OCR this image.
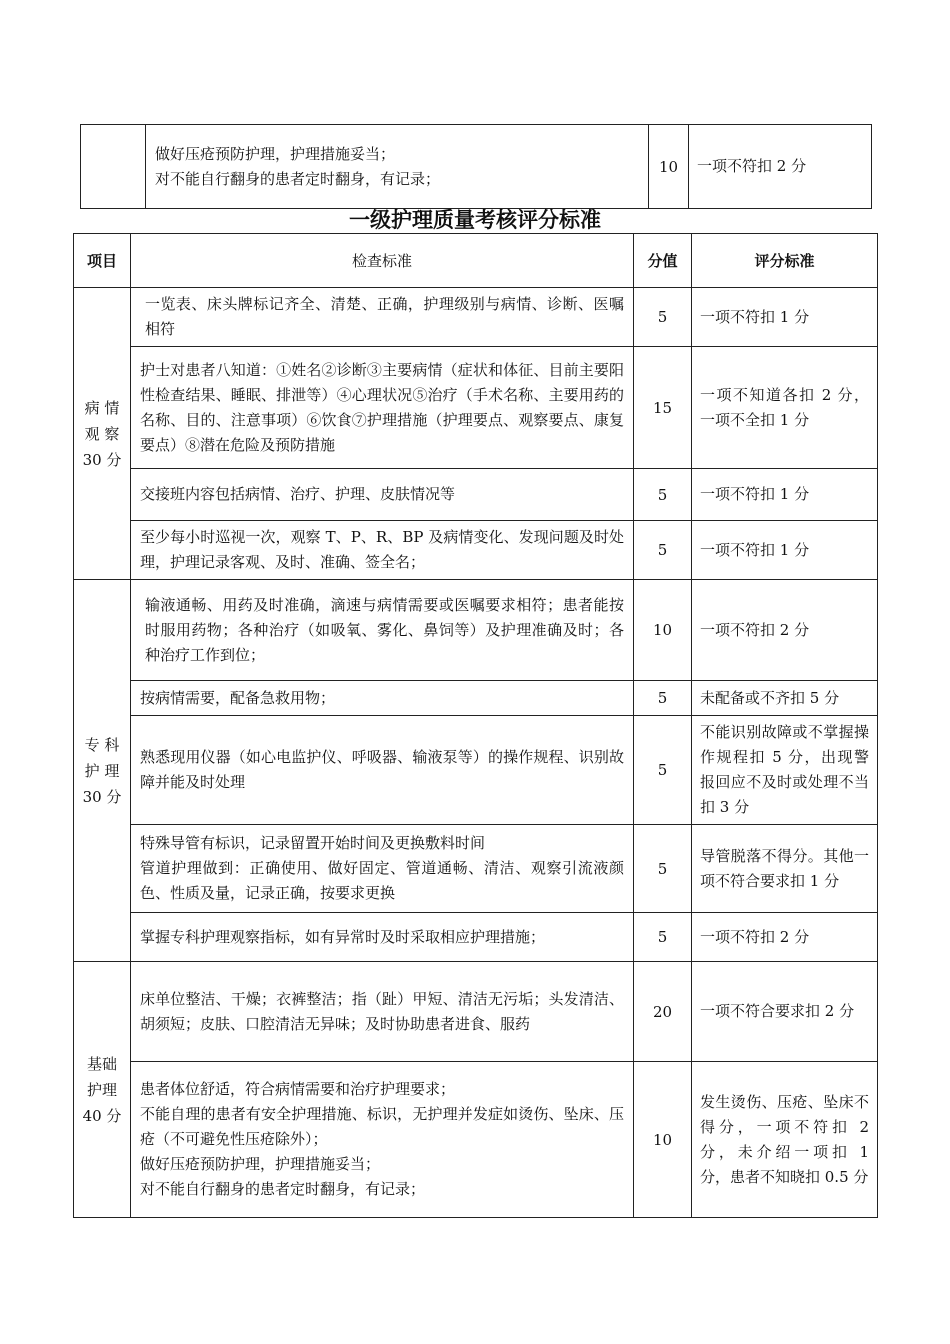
做好压疮预防护理，护理措施妥当；
对不能自行翻身的患者定时翻身，有记录；
	10	一项不符扣 2 分
一级护理质量考核评分标准
项目	检查标准	分值	评分标准

病 情
观 察
30 分	一览表、床头牌标记齐全、清楚、正确，护理级别与病情、诊断、医嘱相符	5	一项不符扣 1 分
	护士对患者八知道：①姓名②诊断③主要病情（症状和体征、目前主要阳性检查结果、睡眠、排泄等）④心理状况⑤治疗（手术名称、主要用药的名称、目的、注意事项）⑥饮食⑦护理措施（护理要点、观察要点、康复要点）⑧潜在危险及预防措施	15	一项不知道各扣 2 分，一项不全扣 1 分
	交接班内容包括病情、治疗、护理、皮肤情况等	5	一项不符扣 1 分
	至少每小时巡视一次，观察 T、P、R、BP 及病情变化、发现问题及时处理，护理记录客观、及时、准确、签全名；	5	一项不符扣 1 分

专 科
护 理
30 分	输液通畅、用药及时准确，滴速与病情需要或医嘱要求相符；患者能按时服用药物；各种治疗（如吸氧、雾化、鼻饲等）及护理准确及时；各种治疗工作到位；	10	一项不符扣 2 分
	按病情需要，配备急救用物；	5	未配备或不齐扣 5 分
	熟悉现用仪器（如心电监护仪、呼吸器、输液泵等）的操作规程、识别故障并能及时处理	5	不能识别故障或不掌握操作规程扣 5 分，出现警报回应不及时或处理不当扣 3 分

	特殊导管有标识，记录留置开始时间及更换敷料时间
管道护理做到：正确使用、做好固定、管道通畅、清洁、观察引流液颜色、性质及量，记录正确，按要求更换	5	导管脱落不得分。其他一项不符合要求扣 1 分
	掌握专科护理观察指标，如有异常时及时采取相应护理措施；	5	一项不符扣 2 分

基础
护理
40 分	床单位整洁、干燥；衣裤整洁；指（趾）甲短、清洁无污垢；头发清洁、胡须短；皮肤、口腔清洁无异味；及时协助患者进食、服药	20	一项不符合要求扣 2 分

	患者体位舒适，符合病情需要和治疗护理要求；
不能自理的患者有安全护理措施、标识，无护理并发症如烫伤、坠床、压疮（不可避免性压疮除外）；
做好压疮预防护理，护理措施妥当；
对不能自行翻身的患者定时翻身，有记录；	10	发生烫伤、压疮、坠床不得分，一项不符扣 2 分，未介绍一项扣 1 分，患者不知晓扣 0.5 分
